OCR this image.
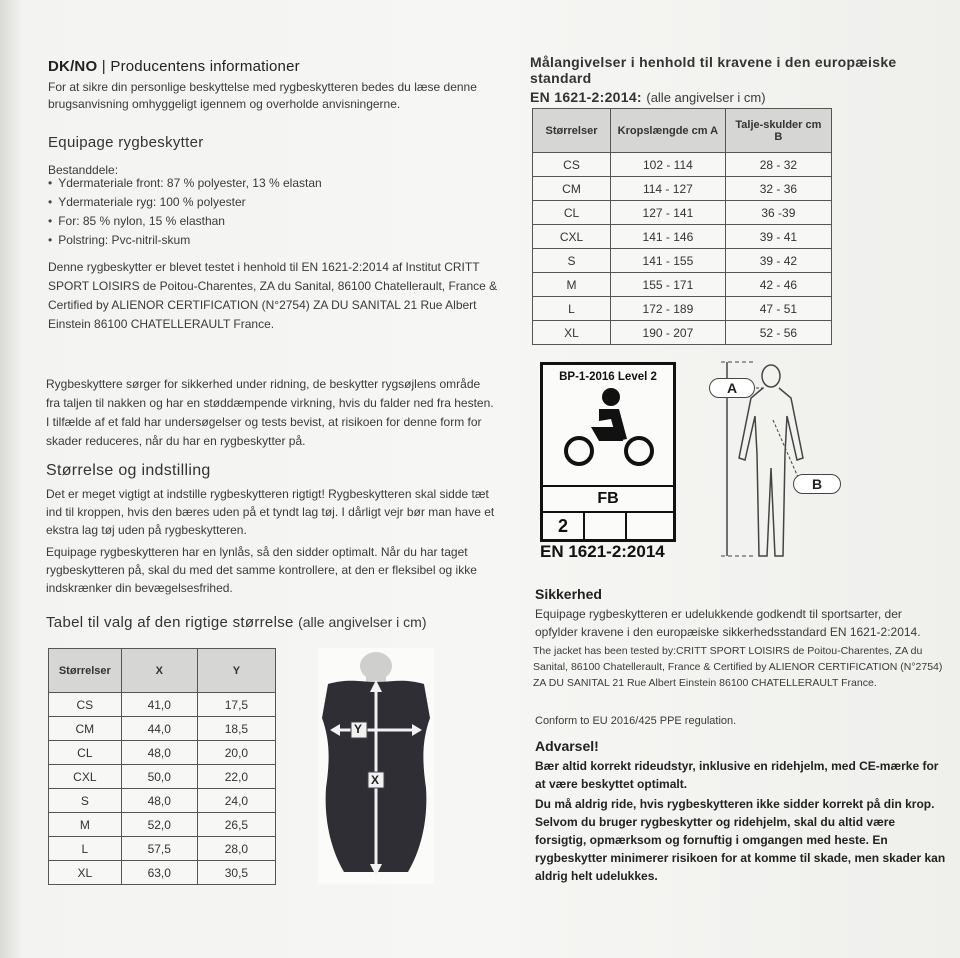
DK/NO | Producentens informationer
For at sikre din personlige beskyttelse med rygbeskytteren bedes du læse denne brugsanvisning omhyggeligt igennem og overholde anvisningerne.
Equipage rygbeskytter
Bestanddele:
• Ydermateriale front: 87 % polyester, 13 % elastan
• Ydermateriale ryg: 100 % polyester
• For: 85 % nylon, 15 % elasthan
• Polstring: Pvc-nitril-skum
Denne rygbeskytter er blevet testet i henhold til EN 1621-2:2014 af Institut CRITT SPORT LOISIRS de Poitou-Charentes, ZA du Sanital, 86100 Chatellerault, France & Certified by ALIENOR CERTIFICATION (N°2754) ZA DU SANITAL 21 Rue Albert Einstein 86100 CHATELLERAULT France.
Rygbeskyttere sørger for sikkerhed under ridning, de beskytter rygsøjlens område fra taljen til nakken og har en støddæmpende virkning, hvis du falder ned fra hesten. I tilfælde af et fald har undersøgelser og tests bevist, at risikoen for denne form for skader reduceres, når du har en rygbeskytter på.
Størrelse og indstilling
Det er meget vigtigt at indstille rygbeskytteren rigtigt! Rygbeskytteren skal sidde tæt ind til kroppen, hvis den bæres uden på et tyndt lag tøj. I dårligt vejr bør man have et ekstra lag tøj uden på rygbeskytteren.
Equipage rygbeskytteren har en lynlås, så den sidder optimalt. Når du har taget rygbeskytteren på, skal du med det samme kontrollere, at den er fleksibel og ikke indskrænker din bevægelsesfrihed.
Tabel til valg af den rigtige størrelse (alle angivelser i cm)
Størrelser	X	Y
CS	41,0	17,5
CM	44,0	18,5
CL	48,0	20,0
CXL	50,0	22,0
S	48,0	24,0
M	52,0	26,5
L	57,5	28,0
XL	63,0	30,5
Y
X
Målangivelser i henhold til kravene i den europæiske standard
EN 1621-2:2014: (alle angivelser i cm)
Størrelser	Kropslængde cm A	Talje-skulder cm B
CS	102 - 114	28 - 32
CM	114 - 127	32 - 36
CL	127 - 141	36 -39
CXL	141 - 146	39 - 41
S	141 - 155	39 - 42
M	155 - 171	42 - 46
L	172 - 189	47 - 51
XL	190 - 207	52 - 56
BP-1-2016 Level 2
FB
2
EN 1621-2:2014
A
B
Sikkerhed
Equipage rygbeskytteren er udelukkende godkendt til sportsarter, der opfylder kravene i den europæiske sikkerhedsstandard EN 1621-2:2014.
The jacket has been tested by:CRITT SPORT LOISIRS de Poitou-Charentes, ZA du Sanital, 86100 Chatellerault, France & Certified by ALIENOR CERTIFICATION (N°2754) ZA DU SANITAL 21 Rue Albert Einstein 86100 CHATELLERAULT France.
Conform to EU 2016/425 PPE regulation.
Advarsel!
Bær altid korrekt rideudstyr, inklusive en ridehjelm, med CE-mærke for at være beskyttet optimalt.
Du må aldrig ride, hvis rygbeskytteren ikke sidder korrekt på din krop.
Selvom du bruger rygbeskytter og ridehjelm, skal du altid være forsigtig, opmærksom og fornuftig i omgangen med heste. En rygbeskytter minimerer risikoen for at komme til skade, men skader kan aldrig helt udelukkes.
